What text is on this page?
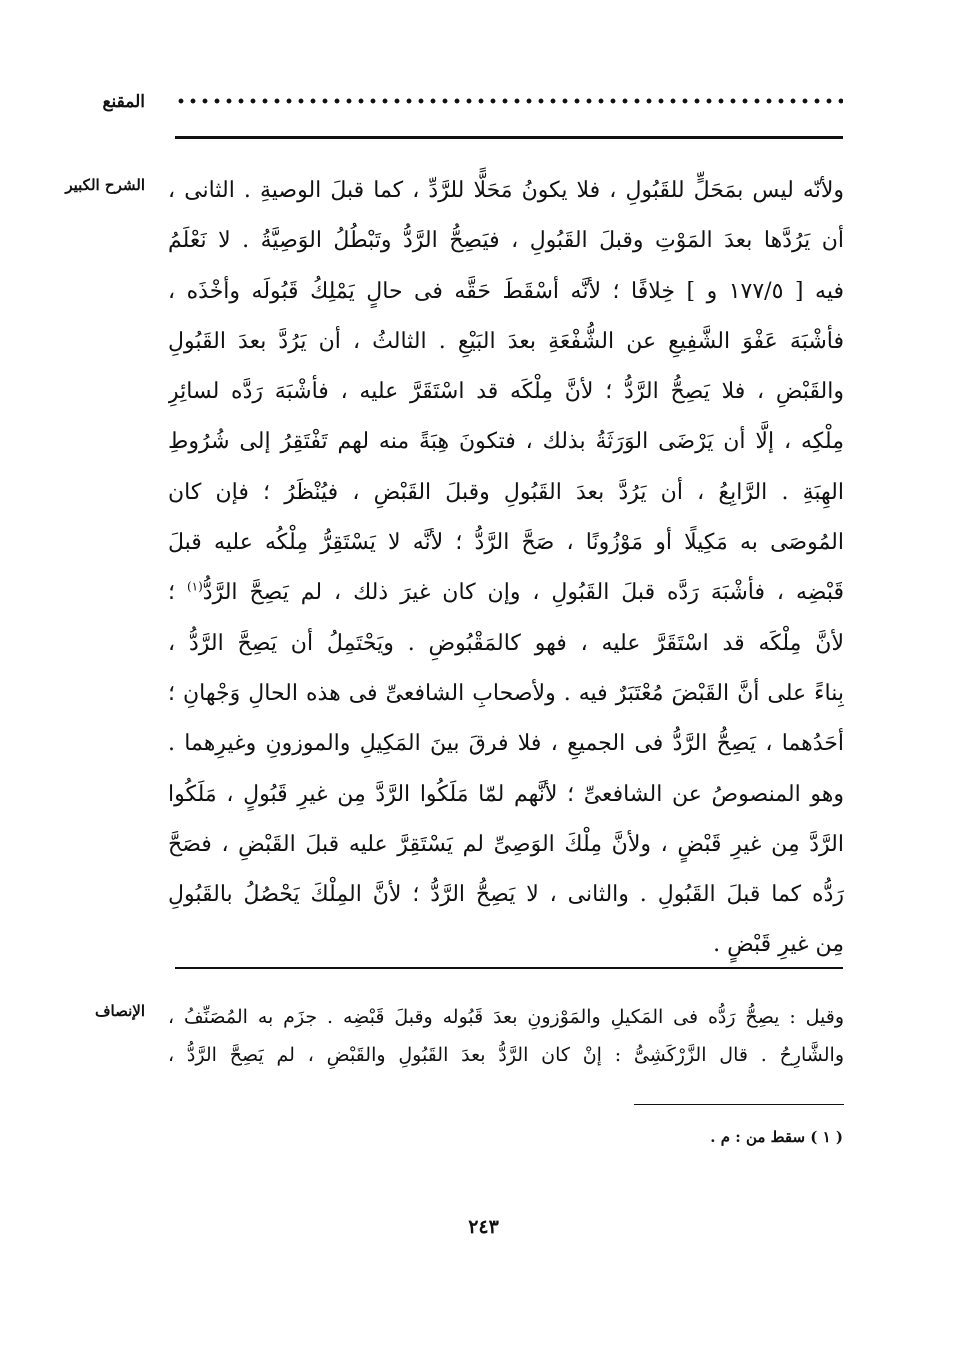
المقنع
الشرح الكبير
الإنصاف
ولأنّه ليس بمَحَلٍّ للقَبُولِ ، فلا يكونُ مَحَلًّا للرَّدِّ ، كما قبلَ الوصيةِ . الثانى ،
أن يَرُدَّها بعدَ المَوْتِ وقبلَ القَبُولِ ، فيَصِحُّ الرَّدُّ وتَبْطُلُ الوَصِيَّةُ . لا نَعْلَمُ
فيه [ ١٧٧/٥ و ] خِلافًا ؛ لأنَّه أسْقَطَ حَقَّه فى حالٍ يَمْلِكُ قَبُولَه وأخْذَه ،
فأشْبَهَ عَفْوَ الشَّفِيعِ عن الشُّفْعَةِ بعدَ البَيْعِ . الثالثُ ، أن يَرُدَّ بعدَ القَبُولِ
والقَبْضِ ، فلا يَصِحُّ الرَّدُّ ؛ لأنَّ مِلْكَه قد اسْتَقَرَّ عليه ، فأشْبَهَ رَدَّه لسائِرِ
مِلْكِه ، إلَّا أن يَرْضَى الوَرَثَةُ بذلك ، فتكونَ هِبَةً منه لهم تَفْتَقِرُ إلى شُرُوطِ
الهِبَةِ . الرَّابِعُ ، أن يَرُدَّ بعدَ القَبُولِ وقبلَ القَبْضِ ، فيُنْظَرُ ؛ فإن كان
المُوصَى به مَكِيلًا أو مَوْزُونًا ، صَحَّ الرَّدُّ ؛ لأنَّه لا يَسْتَقِرُّ مِلْكُه عليه قبلَ
قَبْضِه ، فأشْبَهَ رَدَّه قبلَ القَبُولِ ، وإن كان غيرَ ذلك ، لم يَصِحَّ الرَّدُّ$^{(١)}$ ؛
لأنَّ مِلْكَه قد اسْتَقَرَّ عليه ، فهو كالمَقْبُوضِ . ويَحْتَمِلُ أن يَصِحَّ الرَّدُّ ،
بِناءً على أنَّ القَبْضَ مُعْتَبَرٌ فيه . ولأصحابِ الشافعىِّ فى هذه الحالِ وَجْهانِ ؛
أحَدُهما ، يَصِحُّ الرَّدُّ فى الجميعِ ، فلا فرقَ بينَ المَكِيلِ والموزونِ وغيرِهما .
وهو المنصوصُ عن الشافعىِّ ؛ لأنَّهم لمّا مَلَكُوا الرَّدَّ مِن غيرِ قَبُولٍ ، مَلَكُوا
الرَّدَّ مِن غيرِ قَبْضٍ ، ولأنَّ مِلْكَ الوَصِىِّ لم يَسْتَقِرَّ عليه قبلَ القَبْضِ ، فصَحَّ
رَدُّه كما قبلَ القَبُولِ . والثانى ، لا يَصِحُّ الرَّدُّ ؛ لأنَّ المِلْكَ يَحْصُلُ بالقَبُولِ
مِن غيرِ قَبْضٍ .
وقيل : يصِحُّ رَدُّه فى المَكيلِ والمَوْزونِ بعدَ قَبُوله وقبلَ قَبْضِه . جزَم به المُصَنِّفُ ،
والشَّارِحُ . قال الزَّرْكَشِىُّ : إنْ كان الرَّدُّ بعدَ القَبُولِ والقَبْضِ ، لم يَصِحَّ الرَّدُّ ،
( ١ ) سقط من : م .
٢٤٣
